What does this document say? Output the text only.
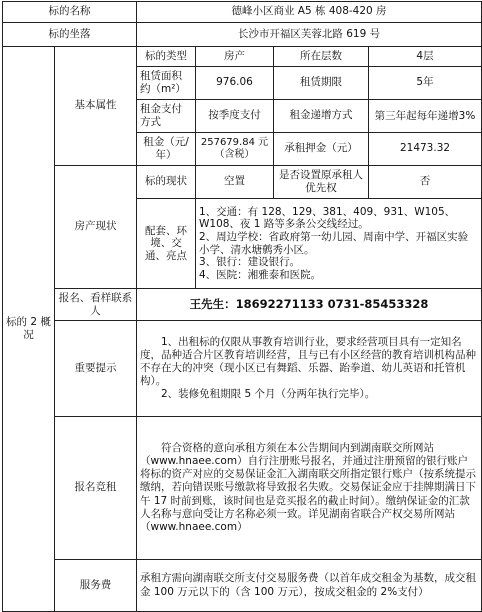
标的名称		德峰小区商业 A5 栋 408-420 房			
标的坐落		长沙市开福区芙蓉北路 619 号			
标的 2 概况	基本属性	标的类型	房产	所在层数	4层
		租赁面积约（m²）	976.06	租赁期限	5年
		租金支付方式	按季度支付	租金递增方式	第三年起每年递增3%
		租金（元/年）	257679.84 元（含税）	承租押金（元）	21473.32
	房产现状	标的现状	空置	是否设置原承租人优先权	否
		配套、环境、交通、亮点	1、交通：有 128、129、381、409、931、W105、W108、夜 1 路等多条公交线经过。

2、周边学校：省政府第一幼儿园、周南中学、开福区实验小学、清水塘鹩秀小区。

3、银行：建设银行。

4、医院：湘雅泰和医院。		

	报名、看样联系人	王先生：18692271133 0731-85453328			
	重要提示	1、出租标的仅限从事教育培训行业，要求经营项目具有一定知名度，品种适合片区教育培训经营，且与已有小区经营的教育培训机构品种不存在大的冲突（现小区已有舞蹈、乐器、跆拳道、幼儿英语和托管机构）。

2、装修免租期限 5 个月（分两年执行完毕）。			

	报名竞租	符合资格的意向承租方须在本公告期间内到湖南联交所网站（www.hnaee.com）自行注册账号报名，并通过注册预留的银行账户将标的资产对应的交易保证金汇入湖南联交所指定银行账户（按系统提示缴纳，若向错误账号缴款将导致报名失败。交易保证金应于挂牌期满日下午 17 时前到账，该时间也是竞买报名的截止时间）。缴纳保证金的汇款人名称与意向受让方名称必须一致。详见湖南省联合产权交易所网站（www.hnaee.com）			

	服务费	承租方需向湖南联交所支付交易服务费（以首年成交租金为基数，成交租金 100 万元以下的（含 100 万元），按成交租金的 2%支付）			
